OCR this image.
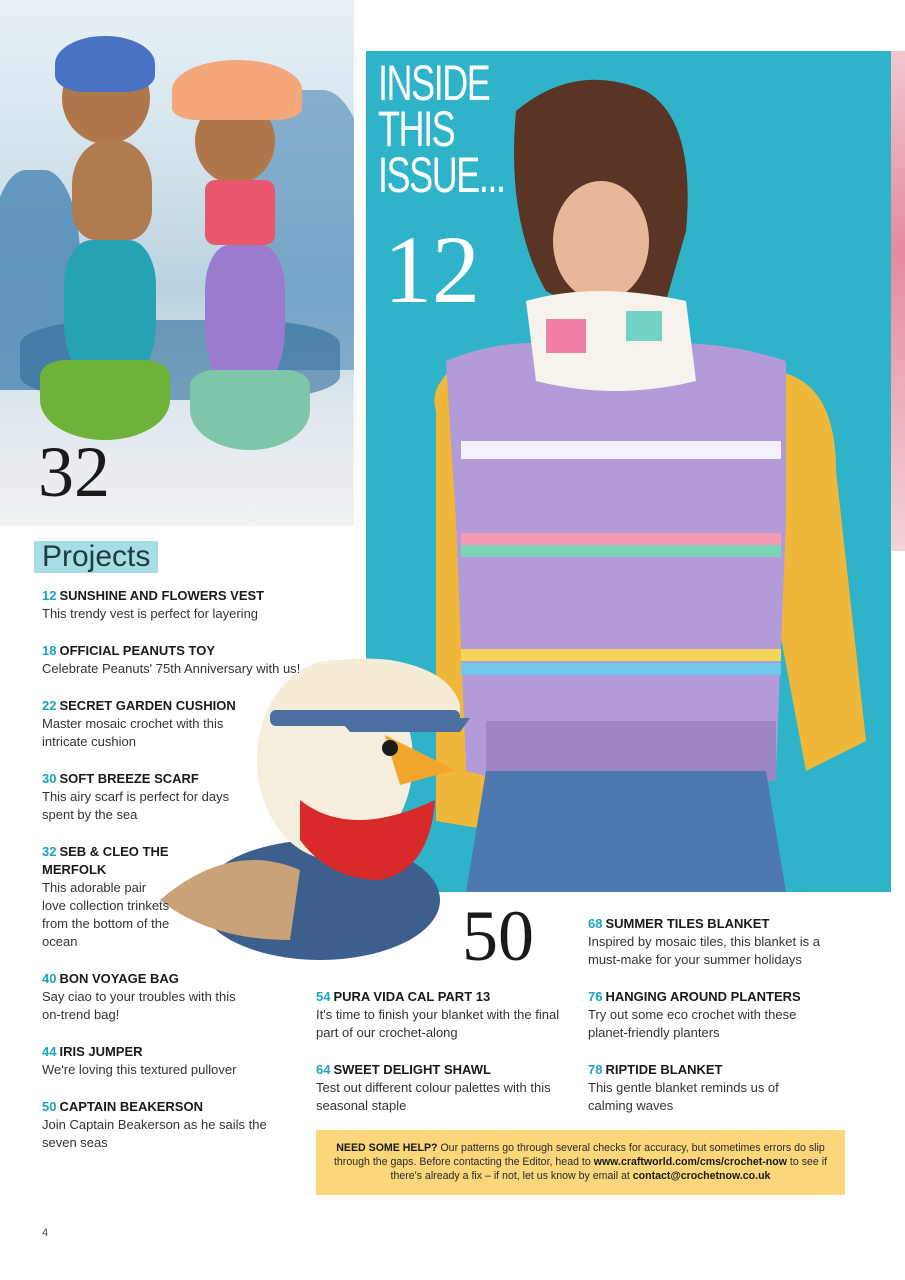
32
INSIDE
THIS
ISSUE...
12
50
Projects
12 SUNSHINE AND FLOWERS VEST
This trendy vest is perfect for layering
18 OFFICIAL PEANUTS TOY
Celebrate Peanuts' 75th Anniversary with us!
22 SECRET GARDEN CUSHION
Master mosaic crochet with this intricate cushion
30 SOFT BREEZE SCARF
This airy scarf is perfect for days spent by the sea
32 SEB & CLEO THE MERFOLK
This adorable pair love collection trinkets from the bottom of the ocean
40 BON VOYAGE BAG
Say ciao to your troubles with this on-trend bag!
44 IRIS JUMPER
We're loving this textured pullover
50 CAPTAIN BEAKERSON
Join Captain Beakerson as he sails the seven seas
54 PURA VIDA CAL PART 13
It's time to finish your blanket with the final part of our crochet-along
64 SWEET DELIGHT SHAWL
Test out different colour palettes with this seasonal staple
68 SUMMER TILES BLANKET
Inspired by mosaic tiles, this blanket is a must-make for your summer holidays
76 HANGING AROUND PLANTERS
Try out some eco crochet with these planet-friendly planters
78 RIPTIDE BLANKET
This gentle blanket reminds us of calming waves
NEED SOME HELP? Our patterns go through several checks for accuracy, but sometimes errors do slip through the gaps. Before contacting the Editor, head to www.craftworld.com/cms/crochet-now to see if there's already a fix – if not, let us know by email at contact@crochetnow.co.uk
4
